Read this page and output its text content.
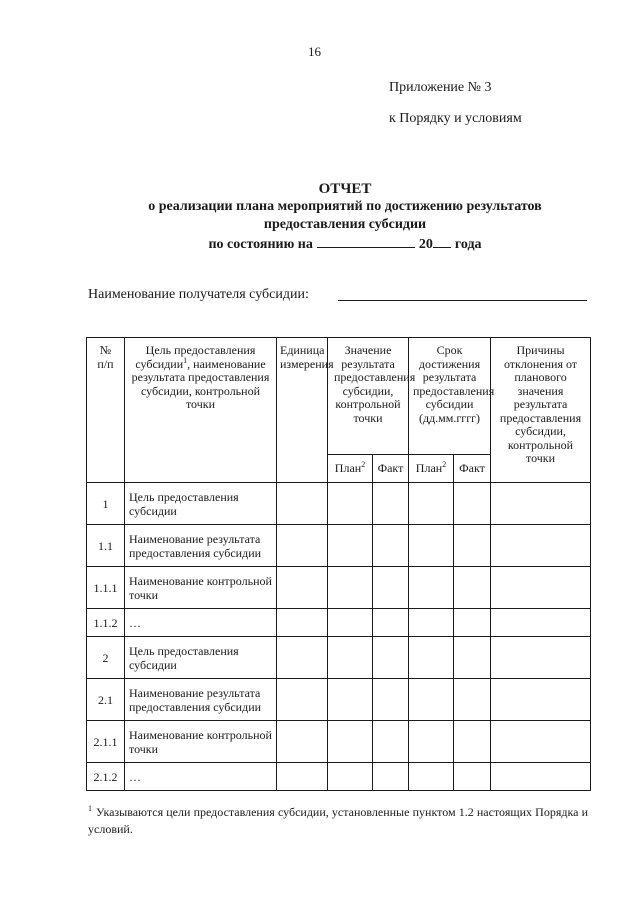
16
Приложение № 3
к Порядку и условиям
ОТЧЕТ
о реализации плана мероприятий по достижению результатов
предоставления субсидии
по состоянию на	20 года
Наименование получателя субсидии:
№ п/п	Цель предоставления субсидии$^1$, наименование результата предоставления субсидии, контрольной точки	Единица измерения	Значение результата предоставления субсидии, контрольной точки		Срок достижения результата предоставления субсидии (дд.мм.гггг)		Причины отклонения от планового значения результата предоставления субсидии, контрольной точки
			План$^2$	Факт	План$^2$	Факт	
1	Цель предоставления субсидии						
1.1	Наименование результата предоставления субсидии						
1.1.1	Наименование контрольной точки						
1.1.2	…						
2	Цель предоставления субсидии						
2.1	Наименование результата предоставления субсидии						
2.1.1	Наименование контрольной точки						
2.1.2	…						
$^1$ Указываются цели предоставления субсидии, установленные пунктом 1.2 настоящих Порядка и условий.
